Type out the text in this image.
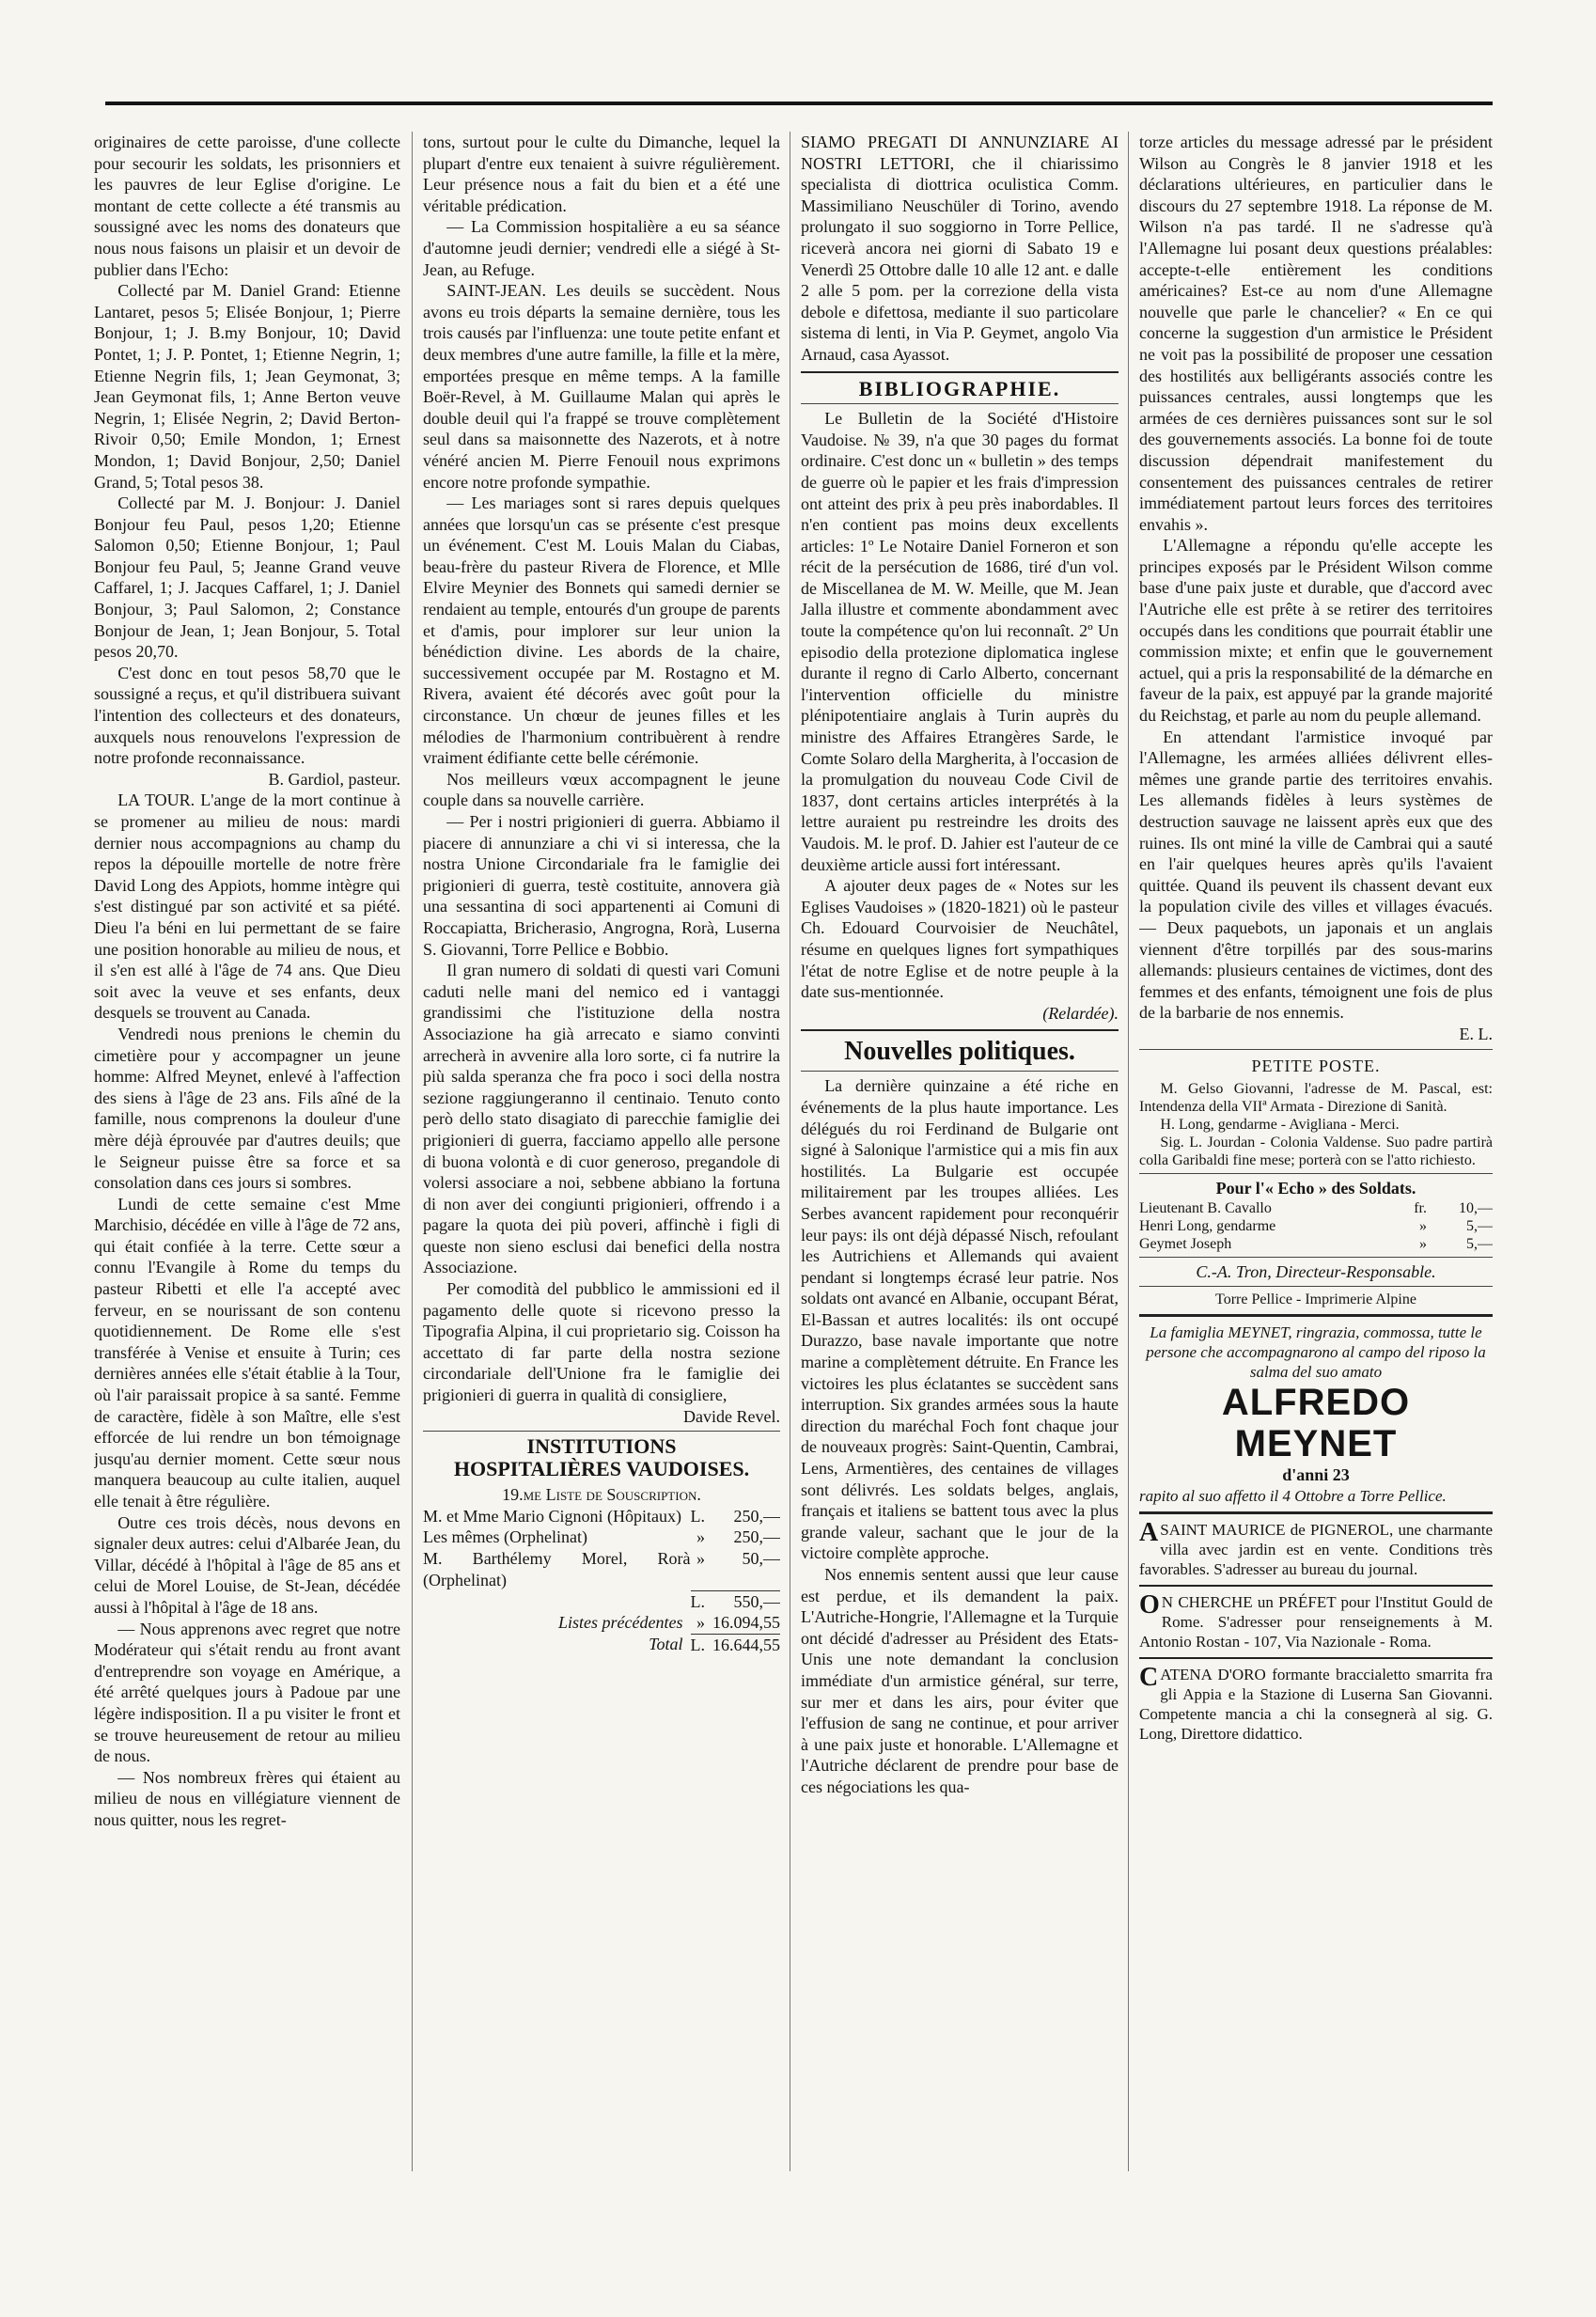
originaires de cette paroisse, d'une collecte pour secourir les soldats, les prisonniers et les pauvres de leur Eglise d'origine. Le montant de cette collecte a été transmis au soussigné avec les noms des donateurs que nous nous faisons un plaisir et un devoir de publier dans l'Echo:

Collecté par M. Daniel Grand: Etienne Lantaret, pesos 5; Elisée Bonjour, 1; Pierre Bonjour, 1; J. B.my Bonjour, 10; David Pontet, 1; J. P. Pontet, 1; Etienne Negrin, 1; Etienne Negrin fils, 1; Jean Geymonat, 3; Jean Geymonat fils, 1; Anne Berton veuve Negrin, 1; Elisée Negrin, 2; David Berton-Rivoir 0,50; Emile Mondon, 1; Ernest Mondon, 1; David Bonjour, 2,50; Daniel Grand, 5; Total pesos 38.

Collecté par M. J. Bonjour: J. Daniel Bonjour feu Paul, pesos 1,20; Etienne Salomon 0,50; Etienne Bonjour, 1; Paul Bonjour feu Paul, 5; Jeanne Grand veuve Caffarel, 1; J. Jacques Caffarel, 1; J. Daniel Bonjour, 3; Paul Salomon, 2; Constance Bonjour de Jean, 1; Jean Bonjour, 5. Total pesos 20,70.

C'est donc en tout pesos 58,70 que le soussigné a reçus, et qu'il distribuera suivant l'intention des collecteurs et des donateurs, auxquels nous renouvelons l'expression de notre profonde reconnaissance.

B. Gardiol, pasteur.

LA TOUR. L'ange de la mort continue à se promener au milieu de nous: mardi dernier nous accompagnions au champ du repos la dépouille mortelle de notre frère David Long des Appiots, homme intègre qui s'est distingué par son activité et sa piété. Dieu l'a béni en lui permettant de se faire une position honorable au milieu de nous, et il s'en est allé à l'âge de 74 ans. Que Dieu soit avec la veuve et ses enfants, deux desquels se trouvent au Canada.

Vendredi nous prenions le chemin du cimetière pour y accompagner un jeune homme: Alfred Meynet, enlevé à l'affection des siens à l'âge de 23 ans. Fils aîné de la famille, nous comprenons la douleur d'une mère déjà éprouvée par d'autres deuils; que le Seigneur puisse être sa force et sa consolation dans ces jours si sombres.

Lundi de cette semaine c'est Mme Marchisio, décédée en ville à l'âge de 72 ans, qui était confiée à la terre. Cette sœur a connu l'Evangile à Rome du temps du pasteur Ribetti et elle l'a accepté avec ferveur, en se nourissant de son contenu quotidiennement. De Rome elle s'est transférée à Venise et ensuite à Turin; ces dernières années elle s'était établie à la Tour, où l'air paraissait propice à sa santé. Femme de caractère, fidèle à son Maître, elle s'est efforcée de lui rendre un bon témoignage jusqu'au dernier moment. Cette sœur nous manquera beaucoup au culte italien, auquel elle tenait à être régulière.

Outre ces trois décès, nous devons en signaler deux autres: celui d'Albarée Jean, du Villar, décédé à l'hôpital à l'âge de 85 ans et celui de Morel Louise, de St-Jean, décédée aussi à l'hôpital à l'âge de 18 ans.

— Nous apprenons avec regret que notre Modérateur qui s'était rendu au front avant d'entreprendre son voyage en Amérique, a été arrêté quelques jours à Padoue par une légère indisposition. Il a pu visiter le front et se trouve heureusement de retour au milieu de nous.

— Nos nombreux frères qui étaient au milieu de nous en villégiature viennent de nous quitter, nous les regret-

tons, surtout pour le culte du Dimanche, lequel la plupart d'entre eux tenaient à suivre régulièrement. Leur présence nous a fait du bien et a été une véritable prédication.

— La Commission hospitalière a eu sa séance d'automne jeudi dernier; vendredi elle a siégé à St-Jean, au Refuge.

SAINT-JEAN. Les deuils se succèdent. Nous avons eu trois départs la semaine dernière, tous les trois causés par l'influenza: une toute petite enfant et deux membres d'une autre famille, la fille et la mère, emportées presque en même temps. A la famille Boër-Revel, à M. Guillaume Malan qui après le double deuil qui l'a frappé se trouve complètement seul dans sa maisonnette des Nazerots, et à notre vénéré ancien M. Pierre Fenouil nous exprimons encore notre profonde sympathie.

— Les mariages sont si rares depuis quelques années que lorsqu'un cas se présente c'est presque un événement. C'est M. Louis Malan du Ciabas, beau-frère du pasteur Rivera de Florence, et Mlle Elvire Meynier des Bonnets qui samedi dernier se rendaient au temple, entourés d'un groupe de parents et d'amis, pour implorer sur leur union la bénédiction divine. Les abords de la chaire, successivement occupée par M. Rostagno et M. Rivera, avaient été décorés avec goût pour la circonstance. Un chœur de jeunes filles et les mélodies de l'harmonium contribuèrent à rendre vraiment édifiante cette belle cérémonie.

Nos meilleurs vœux accompagnent le jeune couple dans sa nouvelle carrière.

— Per i nostri prigionieri di guerra. Abbiamo il piacere di annunziare a chi vi si interessa, che la nostra Unione Circondariale fra le famiglie dei prigionieri di guerra, testè costituite, annovera già una sessantina di soci appartenenti ai Comuni di Roccapiatta, Bricherasio, Angrogna, Rorà, Luserna S. Giovanni, Torre Pellice e Bobbio.

Il gran numero di soldati di questi vari Comuni caduti nelle mani del nemico ed i vantaggi grandissimi che l'istituzione della nostra Associazione ha già arrecato e siamo convinti arrecherà in avvenire alla loro sorte, ci fa nutrire la più salda speranza che fra poco i soci della nostra sezione raggiungeranno il centinaio. Tenuto conto però dello stato disagiato di parecchie famiglie dei prigionieri di guerra, facciamo appello alle persone di buona volontà e di cuor generoso, pregandole di volersi associare a noi, sebbene abbiano la fortuna di non aver dei congiunti prigionieri, offrendo i a pagare la quota dei più poveri, affinchè i figli di queste non sieno esclusi dai benefici della nostra Associazione.

Per comodità del pubblico le ammissioni ed il pagamento delle quote si ricevono presso la Tipografia Alpina, il cui proprietario sig. Coisson ha accettato di far parte della nostra sezione circondariale dell'Unione fra le famiglie dei prigionieri di guerra in qualità di consigliere,

Davide Revel.

INSTITUTIONS
HOSPITALIÈRES VAUDOISES.
19.me Liste de Souscription.
M. et Mme Mario Cignoni (Hôpitaux)	L.	250,—
Les mêmes (Orphelinat)	»	250,—
M. Barthélemy Morel, Rorà (Orphelinat)	»	50,—
	L.	550,—
Listes précédentes	»	16.094,55
Total	L.	16.644,55

SIAMO PREGATI DI ANNUNZIARE AI NOSTRI LETTORI, che il chiarissimo specialista di diottrica oculistica Comm. Massimiliano Neuschüler di Torino, avendo prolungato il suo soggiorno in Torre Pellice, riceverà ancora nei giorni di Sabato 19 e Venerdì 25 Ottobre dalle 10 alle 12 ant. e dalle 2 alle 5 pom. per la correzione della vista debole e difettosa, mediante il suo particolare sistema di lenti, in Via P. Geymet, angolo Via Arnaud, casa Ayassot.

BIBLIOGRAPHIE.

Le Bulletin de la Société d'Histoire Vaudoise. № 39, n'a que 30 pages du format ordinaire. C'est donc un « bulletin » des temps de guerre où le papier et les frais d'impression ont atteint des prix à peu près inabordables. Il n'en contient pas moins deux excellents articles: 1º Le Notaire Daniel Forneron et son récit de la persécution de 1686, tiré d'un vol. de Miscellanea de M. W. Meille, que M. Jean Jalla illustre et commente abondamment avec toute la compétence qu'on lui reconnaît. 2º Un episodio della protezione diplomatica inglese durante il regno di Carlo Alberto, concernant l'intervention officielle du ministre plénipotentiaire anglais à Turin auprès du ministre des Affaires Etrangères Sarde, le Comte Solaro della Margherita, à l'occasion de la promulgation du nouveau Code Civil de 1837, dont certains articles interprétés à la lettre auraient pu restreindre les droits des Vaudois. M. le prof. D. Jahier est l'auteur de ce deuxième article aussi fort intéressant.

A ajouter deux pages de « Notes sur les Eglises Vaudoises » (1820-1821) où le pasteur Ch. Edouard Courvoisier de Neuchâtel, résume en quelques lignes fort sympathiques l'état de notre Eglise et de notre peuple à la date sus-mentionnée.

(Relardée).

Nouvelles politiques.

La dernière quinzaine a été riche en événements de la plus haute importance. Les délégués du roi Ferdinand de Bulgarie ont signé à Salonique l'armistice qui a mis fin aux hostilités. La Bulgarie est occupée militairement par les troupes alliées. Les Serbes avancent rapidement pour reconquérir leur pays: ils ont déjà dépassé Nisch, refoulant les Autrichiens et Allemands qui avaient pendant si longtemps écrasé leur patrie. Nos soldats ont avancé en Albanie, occupant Bérat, El-Bassan et autres localités: ils ont occupé Durazzo, base navale importante que notre marine a complètement détruite. En France les victoires les plus éclatantes se succèdent sans interruption. Six grandes armées sous la haute direction du maréchal Foch font chaque jour de nouveaux progrès: Saint-Quentin, Cambrai, Lens, Armentières, des centaines de villages sont délivrés. Les soldats belges, anglais, français et italiens se battent tous avec la plus grande valeur, sachant que le jour de la victoire complète approche.

Nos ennemis sentent aussi que leur cause est perdue, et ils demandent la paix. L'Autriche-Hongrie, l'Allemagne et la Turquie ont décidé d'adresser au Président des Etats-Unis une note demandant la conclusion immédiate d'un armistice général, sur terre, sur mer et dans les airs, pour éviter que l'effusion de sang ne continue, et pour arriver à une paix juste et honorable. L'Allemagne et l'Autriche déclarent de prendre pour base de ces négociations les qua-

torze articles du message adressé par le président Wilson au Congrès le 8 janvier 1918 et les déclarations ultérieures, en particulier dans le discours du 27 septembre 1918. La réponse de M. Wilson n'a pas tardé. Il ne s'adresse qu'à l'Allemagne lui posant deux questions préalables: accepte-t-elle entièrement les conditions américaines? Est-ce au nom d'une Allemagne nouvelle que parle le chancelier? « En ce qui concerne la suggestion d'un armistice le Président ne voit pas la possibilité de proposer une cessation des hostilités aux belligérants associés contre les puissances centrales, aussi longtemps que les armées de ces dernières puissances sont sur le sol des gouvernements associés. La bonne foi de toute discussion dépendrait manifestement du consentement des puissances centrales de retirer immédiatement partout leurs forces des territoires envahis ».

L'Allemagne a répondu qu'elle accepte les principes exposés par le Président Wilson comme base d'une paix juste et durable, que d'accord avec l'Autriche elle est prête à se retirer des territoires occupés dans les conditions que pourrait établir une commission mixte; et enfin que le gouvernement actuel, qui a pris la responsabilité de la démarche en faveur de la paix, est appuyé par la grande majorité du Reichstag, et parle au nom du peuple allemand.

En attendant l'armistice invoqué par l'Allemagne, les armées alliées délivrent elles-mêmes une grande partie des territoires envahis. Les allemands fidèles à leurs systèmes de destruction sauvage ne laissent après eux que des ruines. Ils ont miné la ville de Cambrai qui a sauté en l'air quelques heures après qu'ils l'avaient quittée. Quand ils peuvent ils chassent devant eux la population civile des villes et villages évacués. — Deux paquebots, un japonais et un anglais viennent d'être torpillés par des sous-marins allemands: plusieurs centaines de victimes, dont des femmes et des enfants, témoignent une fois de plus de la barbarie de nos ennemis.

E. L.

PETITE POSTE.

M. Gelso Giovanni, l'adresse de M. Pascal, est: Intendenza della VIIª Armata - Direzione di Sanità.

H. Long, gendarme - Avigliana - Merci.

Sig. L. Jourdan - Colonia Valdense. Suo padre partirà colla Garibaldi fine mese; porterà con se l'atto richiesto.

Pour l'« Echo » des Soldats.
Lieutenant B. Cavallo	fr.	10,—
Henri Long, gendarme	»	5,—
Geymet Joseph	»	5,—
C.-A. Tron, Directeur-Responsable.
Torre Pellice - Imprimerie Alpine

La famiglia MEYNET, ringrazia, commossa, tutte le persone che accompagnarono al campo del riposo la salma del suo amato

ALFREDO MEYNET
d'anni 23

rapito al suo affetto il 4 Ottobre a Torre Pellice.

ASAINT MAURICE de PIGNEROL, une charmante villa avec jardin est en vente. Conditions très favorables. S'adresser au bureau du journal.
O N CHERCHE un PRÉFET pour l'Institut Gould de Rome. S'adresser pour renseignements à M. Antonio Rostan - 107, Via Nazionale - Roma.
CATENA D'ORO formante braccialetto smarrita fra gli Appia e la Stazione di Luserna San Giovanni. Competente mancia a chi la consegnerà al sig. G. Long, Direttore didattico.
